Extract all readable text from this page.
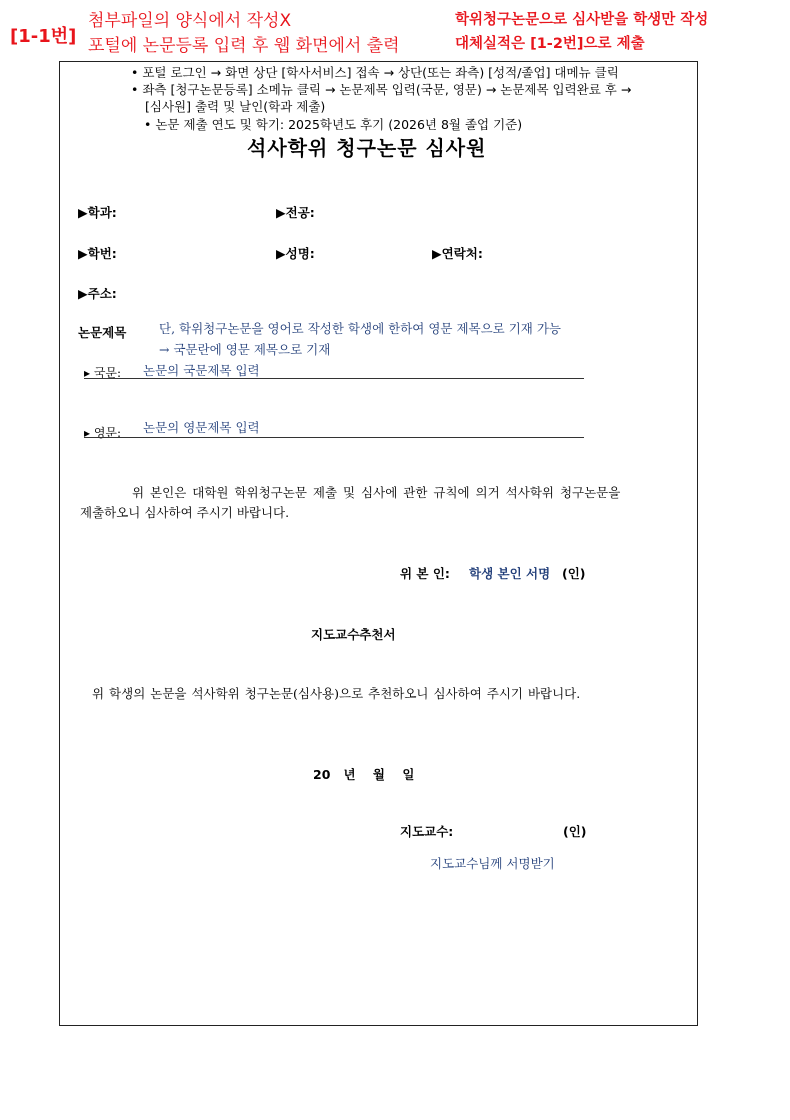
[1-1번]
첨부파일의 양식에서 작성X
포털에 논문등록 입력 후 웹 화면에서 출력
학위청구논문으로 심사받을 학생만 작성
대체실적은 [1-2번]으로 제출
• 포털 로그인 → 화면 상단 [학사서비스] 접속 → 상단(또는 좌측) [성적/졸업] 대메뉴 클릭
• 좌측 [청구논문등록] 소메뉴 클릭 → 논문제목 입력(국문, 영문) → 논문제목 입력완료 후 →
[심사원] 출력 및 날인(학과 제출)
• 논문 제출 연도 및 학기: 2025학년도 후기 (2026년 8월 졸업 기준)
석사학위 청구논문 심사원
▶학과:	▶전공:
▶학번:	▶성명:	▶연락처:
▶주소:
논문제목	단, 학위청구논문을 영어로 작성한 학생에 한하여 영문 제목으로 기재 가능
→ 국문란에 영문 제목으로 기재
▸ 국문: 논문의 국문제목 입력
▸ 영문: 논문의 영문제목 입력
위 본인은 대학원 학위청구논문 제출 및 심사에 관한 규칙에 의거 석사학위 청구논문을
제출하오니 심사하여 주시기 바랍니다.
위 본 인: 학생 본인 서명 (인)
지도교수추천서
위 학생의 논문을 석사학위 청구논문(심사용)으로 추천하오니 심사하여 주시기 바랍니다.
20   년    월    일
지도교수:	(인)
지도교수님께 서명받기
